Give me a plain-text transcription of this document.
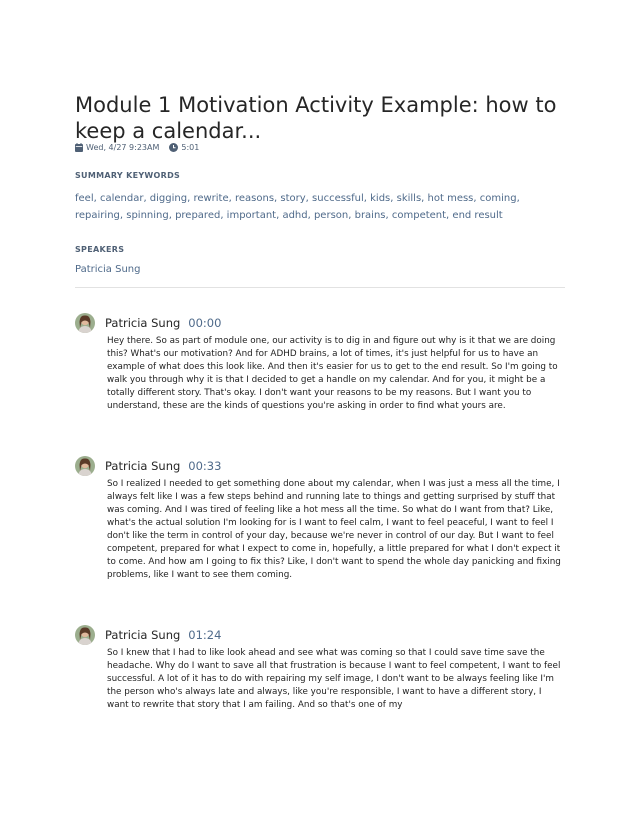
Module 1 Motivation Activity Example: how to keep a calendar...
Wed, 4/27 9:23AM	5:01
SUMMARY KEYWORDS
feel, calendar, digging, rewrite, reasons, story, successful, kids, skills, hot mess, coming, repairing, spinning, prepared, important, adhd, person, brains, competent, end result
SPEAKERS
Patricia Sung
Patricia Sung 00:00
Hey there. So as part of module one, our activity is to dig in and figure out why is it that we are doing this? What's our motivation? And for ADHD brains, a lot of times, it's just helpful for us to have an example of what does this look like. And then it's easier for us to get to the end result. So I'm going to walk you through why it is that I decided to get a handle on my calendar. And for you, it might be a totally different story. That's okay. I don't want your reasons to be my reasons. But I want you to understand, these are the kinds of questions you're asking in order to find what yours are.
Patricia Sung 00:33
So I realized I needed to get something done about my calendar, when I was just a mess all the time, I always felt like I was a few steps behind and running late to things and getting surprised by stuff that was coming. And I was tired of feeling like a hot mess all the time. So what do I want from that? Like, what's the actual solution I'm looking for is I want to feel calm, I want to feel peaceful, I want to feel I don't like the term in control of your day, because we're never in control of our day. But I want to feel competent, prepared for what I expect to come in, hopefully, a little prepared for what I don't expect it to come. And how am I going to fix this? Like, I don't want to spend the whole day panicking and fixing problems, like I want to see them coming.
Patricia Sung 01:24
So I knew that I had to like look ahead and see what was coming so that I could save time save the headache. Why do I want to save all that frustration is because I want to feel competent, I want to feel successful. A lot of it has to do with repairing my self image, I don't want to be always feeling like I'm the person who's always late and always, like you're responsible, I want to have a different story, I want to rewrite that story that I am failing. And so that's one of my
